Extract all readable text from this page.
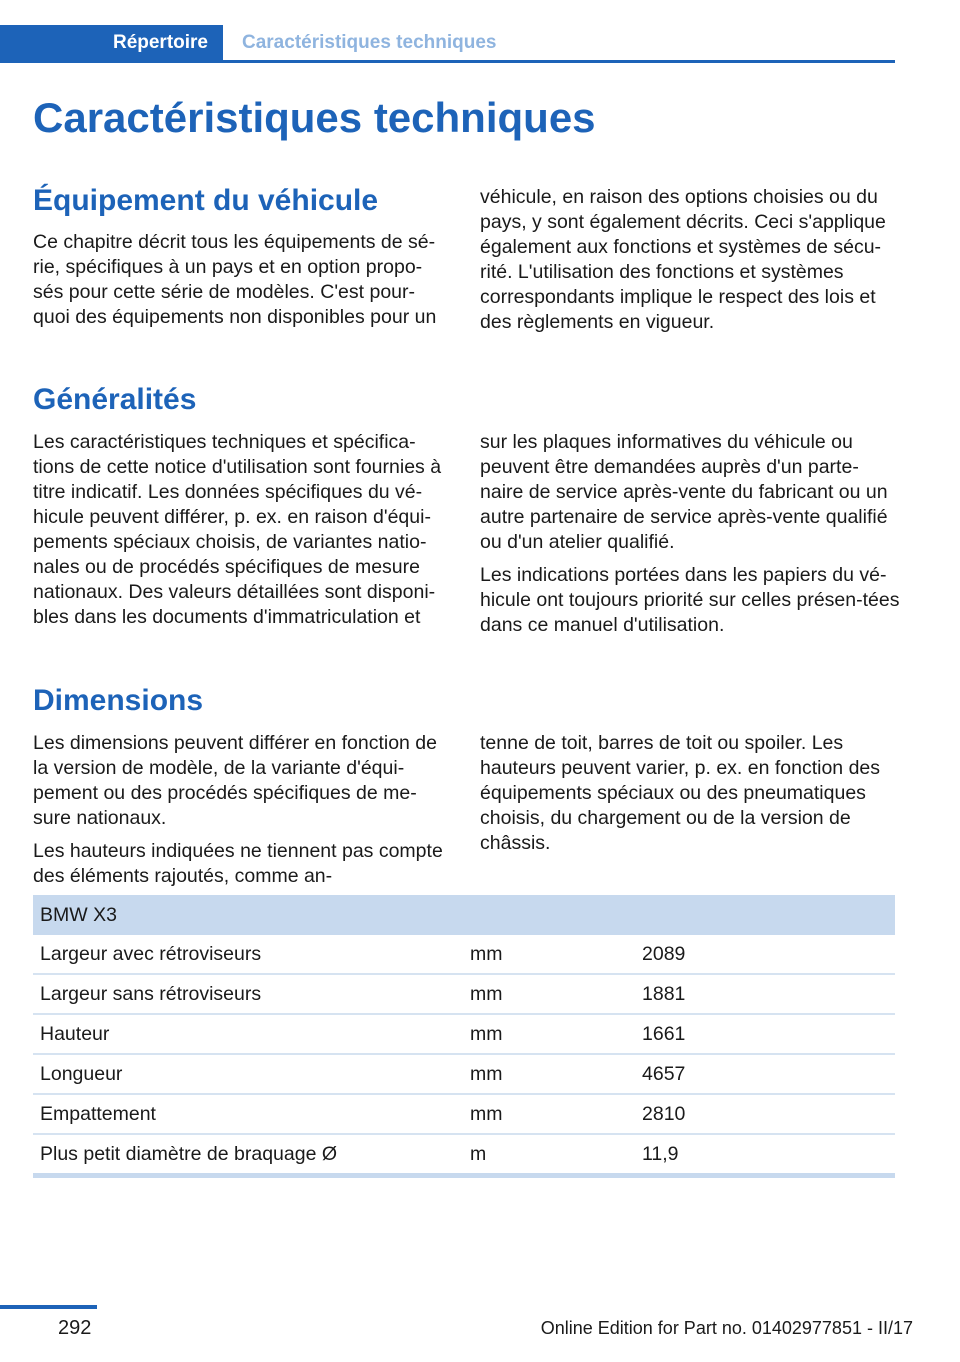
Répertoire	Caractéristiques techniques
Caractéristiques techniques
Équipement du véhicule

Ce chapitre décrit tous les équipements de sé‐rie, spécifiques à un pays et en option propo‐sés pour cette série de modèles. C'est pour‐quoi des équipements non disponibles pour un

véhicule, en raison des options choisies ou du pays, y sont également décrits. Ceci s'applique également aux fonctions et systèmes de sécu‐rité. L'utilisation des fonctions et systèmes correspondants implique le respect des lois et des règlements en vigueur.

Généralités

Les caractéristiques techniques et spécifica‐tions de cette notice d'utilisation sont fournies à titre indicatif. Les données spécifiques du vé‐hicule peuvent différer, p. ex. en raison d'équi‐pements spéciaux choisis, de variantes natio‐nales ou de procédés spécifiques de mesure nationaux. Des valeurs détaillées sont disponi‐bles dans les documents d'immatriculation et

sur les plaques informatives du véhicule ou peuvent être demandées auprès d'un parte‐naire de service après-vente du fabricant ou un autre partenaire de service après-vente qualifié ou d'un atelier qualifié.

Les indications portées dans les papiers du vé‐hicule ont toujours priorité sur celles présen‐tées dans ce manuel d'utilisation.

Dimensions

Les dimensions peuvent différer en fonction de la version de modèle, de la variante d'équi‐pement ou des procédés spécifiques de me‐sure nationaux.

Les hauteurs indiquées ne tiennent pas compte des éléments rajoutés, comme an-

tenne de toit, barres de toit ou spoiler. Les hauteurs peuvent varier, p. ex. en fonction des équipements spéciaux ou des pneumatiques choisis, du chargement ou de la version de châssis.

BMW X3		
Largeur avec rétroviseurs	mm	2089
Largeur sans rétroviseurs	mm	1881
Hauteur	mm	1661
Longueur	mm	4657
Empattement	mm	2810
Plus petit diamètre de braquage Ø	m	11,9
292	Online Edition for Part no. 01402977851 - II/17
